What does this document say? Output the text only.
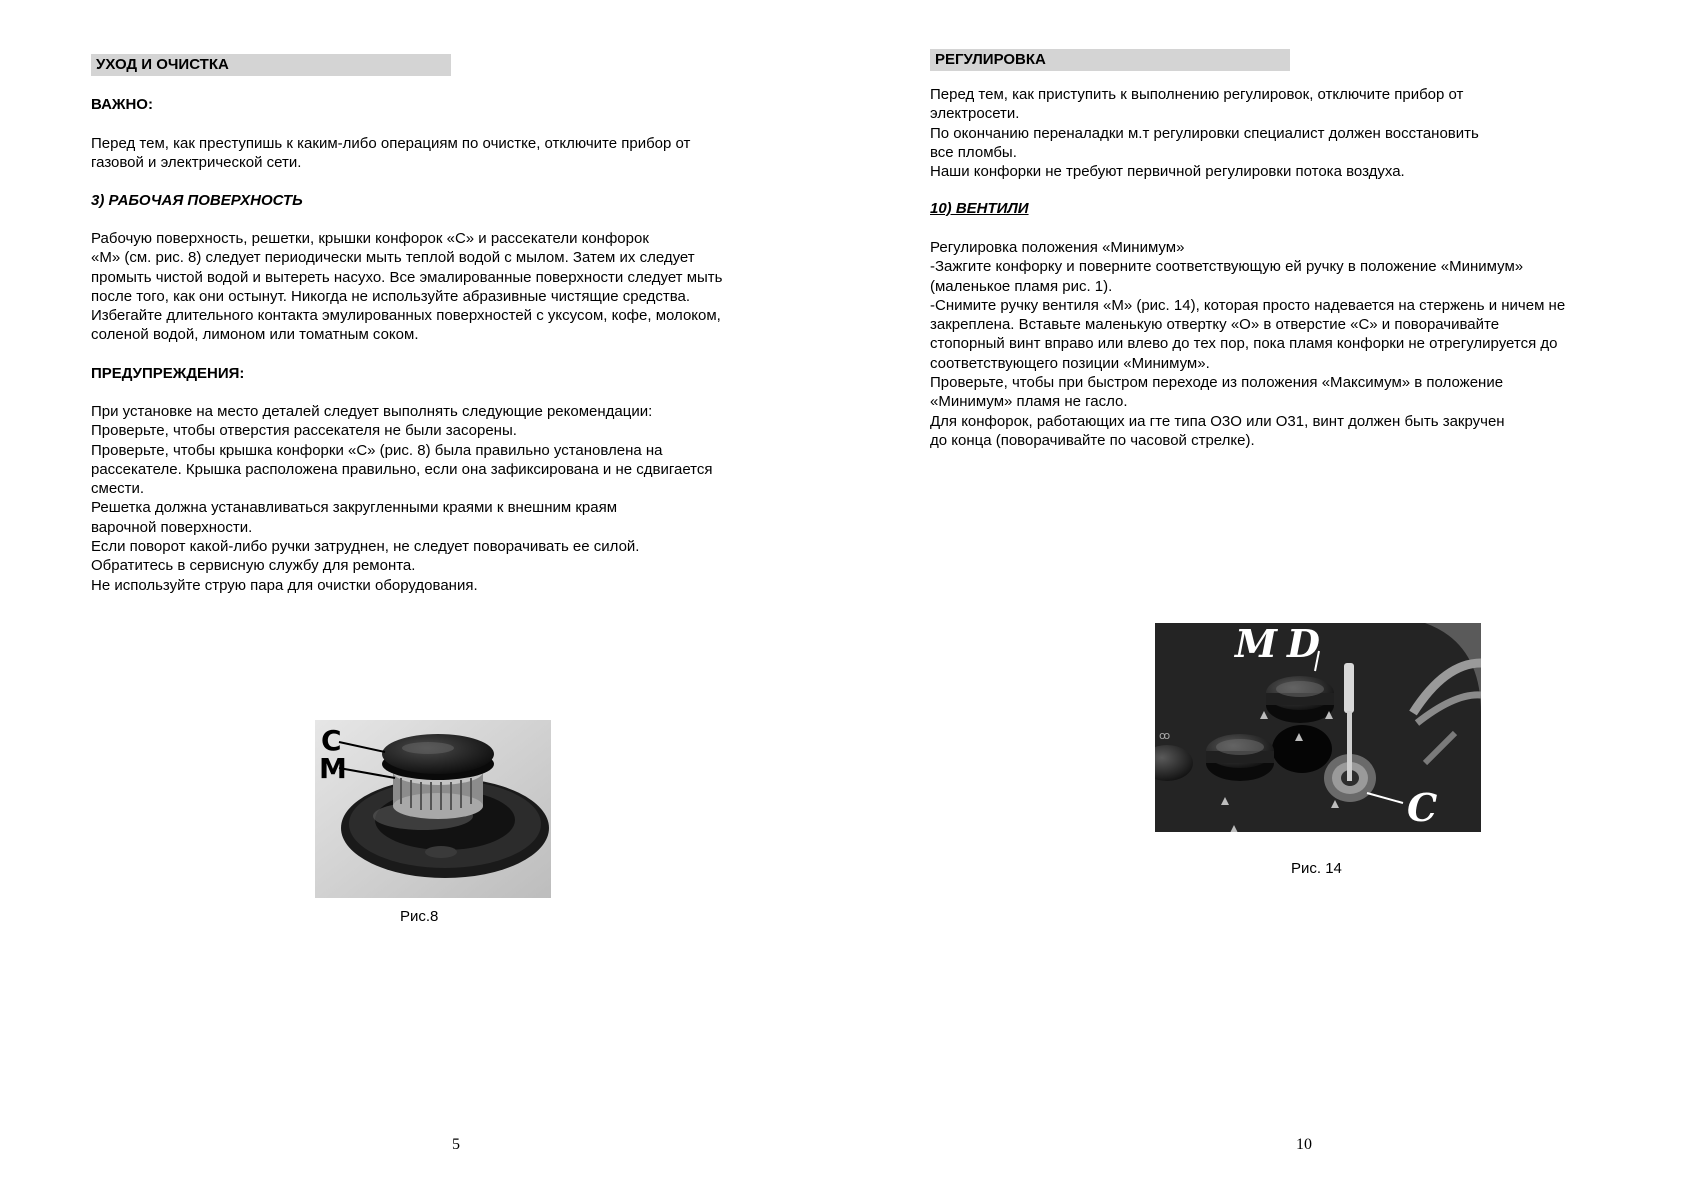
УХОД И ОЧИСТКА
ВАЖНО:
Перед тем, как преступишь к каким-либо операциям по очистке, отключите прибор от
газовой и электрической сети.
3) РАБОЧАЯ ПОВЕРХНОСТЬ
Рабочую поверхность, решетки, крышки конфорок «С» и рассекатели конфорок
«М» (см. рис. 8) следует периодически мыть теплой водой с мылом. Затем их следует
промыть чистой водой и вытереть насухо. Все эмалированные поверхности следует мыть
после того, как они остынут. Никогда не используйте абразивные чистящие средства.
Избегайте длительного контакта эмулированных поверхностей с уксусом, кофе, молоком,
соленой водой, лимоном или томатным соком.
ПРЕДУПРЕЖДЕНИЯ:
При установке на место деталей следует выполнять следующие рекомендации:
Проверьте, чтобы отверстия рассекателя не были засорены.
Проверьте, чтобы крышка конфорки «С» (рис. 8) была правильно установлена на
рассекателе. Крышка расположена правильно, если она зафиксирована и не сдвигается
смести.
Решетка должна устанавливаться закругленными краями к внешним краям
варочной поверхности.
Если поворот какой-либо ручки затруднен, не следует поворачивать ее силой.
Обратитесь в сервисную службу для ремонта.
Не используйте струю пара для очистки оборудования.
C
M
Рис.8
5
РЕГУЛИРОВКА
Перед тем, как приступить к выполнению регулировок, отключите прибор от
электросети.
По окончанию переналадки м.т регулировки специалист должен восстановить
все пломбы.
Наши конфорки не требуют первичной регулировки потока воздуха.
10) ВЕНТИЛИ
Регулировка положения «Минимум»
-Зажгите конфорку и поверните соответствующую ей ручку в положение «Минимум»
(маленькое пламя рис. 1).
-Снимите ручку вентиля «М» (рис. 14), которая просто надевается на стержень и ничем не
закреплена. Вставьте маленькую отвертку «О» в отверстие «С» и поворачивайте
стопорный винт вправо или влево до тех пор, пока пламя конфорки не отрегулируется до
соответствующего позиции «Минимум».
Проверьте, чтобы при быстром переходе из положения «Максимум» в положение
«Минимум» пламя не гасло.
Для конфорок, работающих иа гте типа О3О или О31, винт должен быть закручен
до конца (поворачивайте по часовой стрелке).
ꝏ
M D
C
Рис. 14
10
